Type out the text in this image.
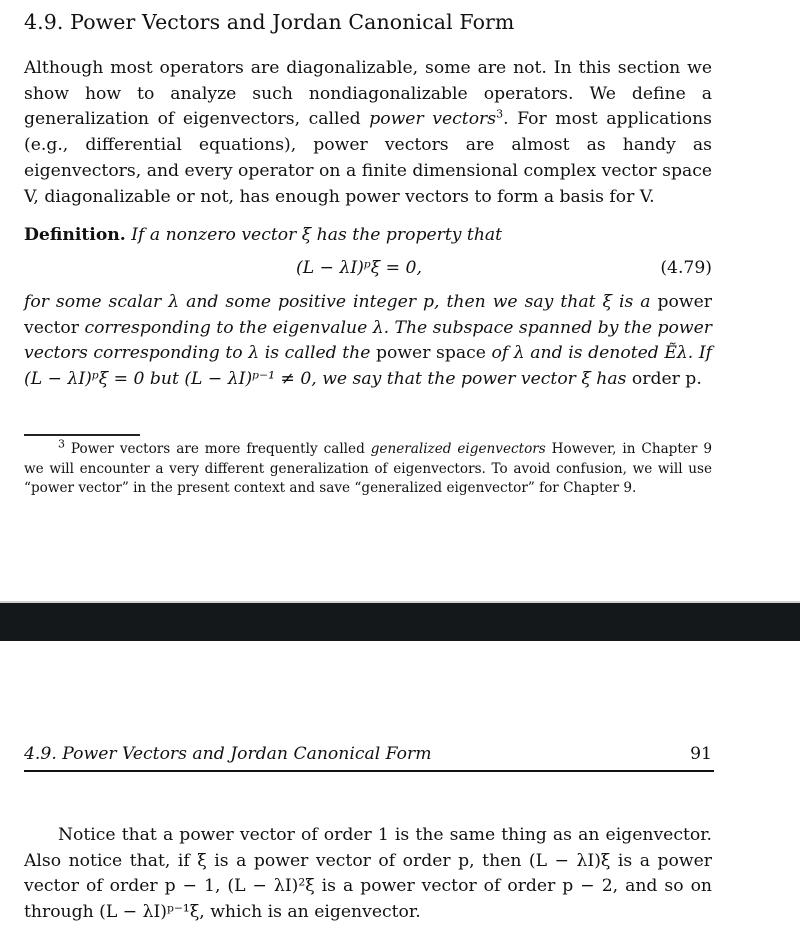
4.9. Power Vectors and Jordan Canonical Form
Although most operators are diagonalizable, some are not. In this section we show how to analyze such nondiagonalizable operators. We define a generalization of eigenvectors, called power vectors$^3$. For most applications (e.g., differential equations), power vectors are almost as handy as eigenvectors, and every operator on a finite dimensional complex vector space V, diagonalizable or not, has enough power vectors to form a basis for V.
Definition. If a nonzero vector ξ has the property that
(L − λI)ᵖξ = 0,	(4.79)
for some scalar λ and some positive integer p, then we say that ξ is a power vector corresponding to the eigenvalue λ. The subspace spanned by the power vectors corresponding to λ is called the power space of λ and is denoted Ẽλ. If (L − λI)ᵖξ = 0 but (L − λI)ᵖ⁻¹ ≠ 0, we say that the power vector ξ has order p.
$^3$ Power vectors are more frequently called generalized eigenvectors However, in Chapter 9 we will encounter a very different generalization of eigenvectors. To avoid confusion, we will use “power vector” in the present context and save “generalized eigenvector” for Chapter 9.
4.9. Power Vectors and Jordan Canonical Form	91
Notice that a power vector of order 1 is the same thing as an eigenvector. Also notice that, if ξ is a power vector of order p, then (L − λI)ξ is a power vector of order p − 1, (L − λI)²ξ is a power vector of order p − 2, and so on through (L − λI)ᵖ⁻¹ξ, which is an eigenvector.
